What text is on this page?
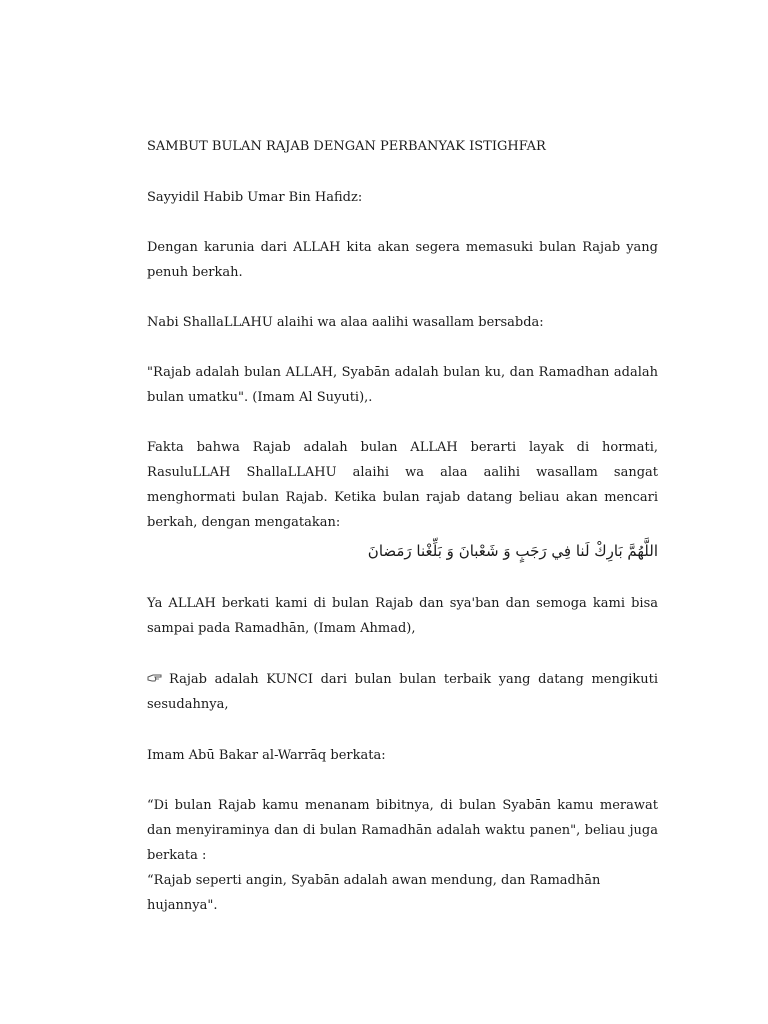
SAMBUT BULAN RAJAB DENGAN PERBANYAK ISTIGHFAR

Sayyidil Habib Umar Bin Hafidz:

Dengan karunia dari ALLAH kita akan segera memasuki bulan Rajab yang penuh berkah.

Nabi ShallaLLAHU alaihi wa alaa aalihi wasallam bersabda:

"Rajab adalah bulan ALLAH, Syabān adalah bulan ku, dan Ramadhan adalah bulan umatku". (Imam Al Suyuti),.

Fakta bahwa Rajab adalah bulan ALLAH berarti layak di hormati, RasuluLLAH ShallaLLAHU alaihi wa alaa aalihi wasallam sangat menghormati bulan Rajab. Ketika bulan rajab datang beliau akan mencari berkah, dengan mengatakan:

اللَّهُمَّ بَارِكْ لَنا فِي رَجَبٍ وَ شَعْبانَ وَ بَلِّغْنا رَمَضانَ

Ya ALLAH berkati kami di bulan Rajab dan sya'ban dan semoga kami bisa sampai pada Ramadhān, (Imam Ahmad),

Rajab adalah KUNCI dari bulan bulan terbaik yang datang mengikuti sesudahnya,

Imam Abū Bakar al-Warrāq berkata:

“Di bulan Rajab kamu menanam bibitnya, di bulan Syabān kamu merawat dan menyiraminya dan di bulan Ramadhān adalah waktu panen", beliau juga berkata :

“Rajab seperti angin, Syabān adalah awan mendung, dan Ramadhān hujannya".
